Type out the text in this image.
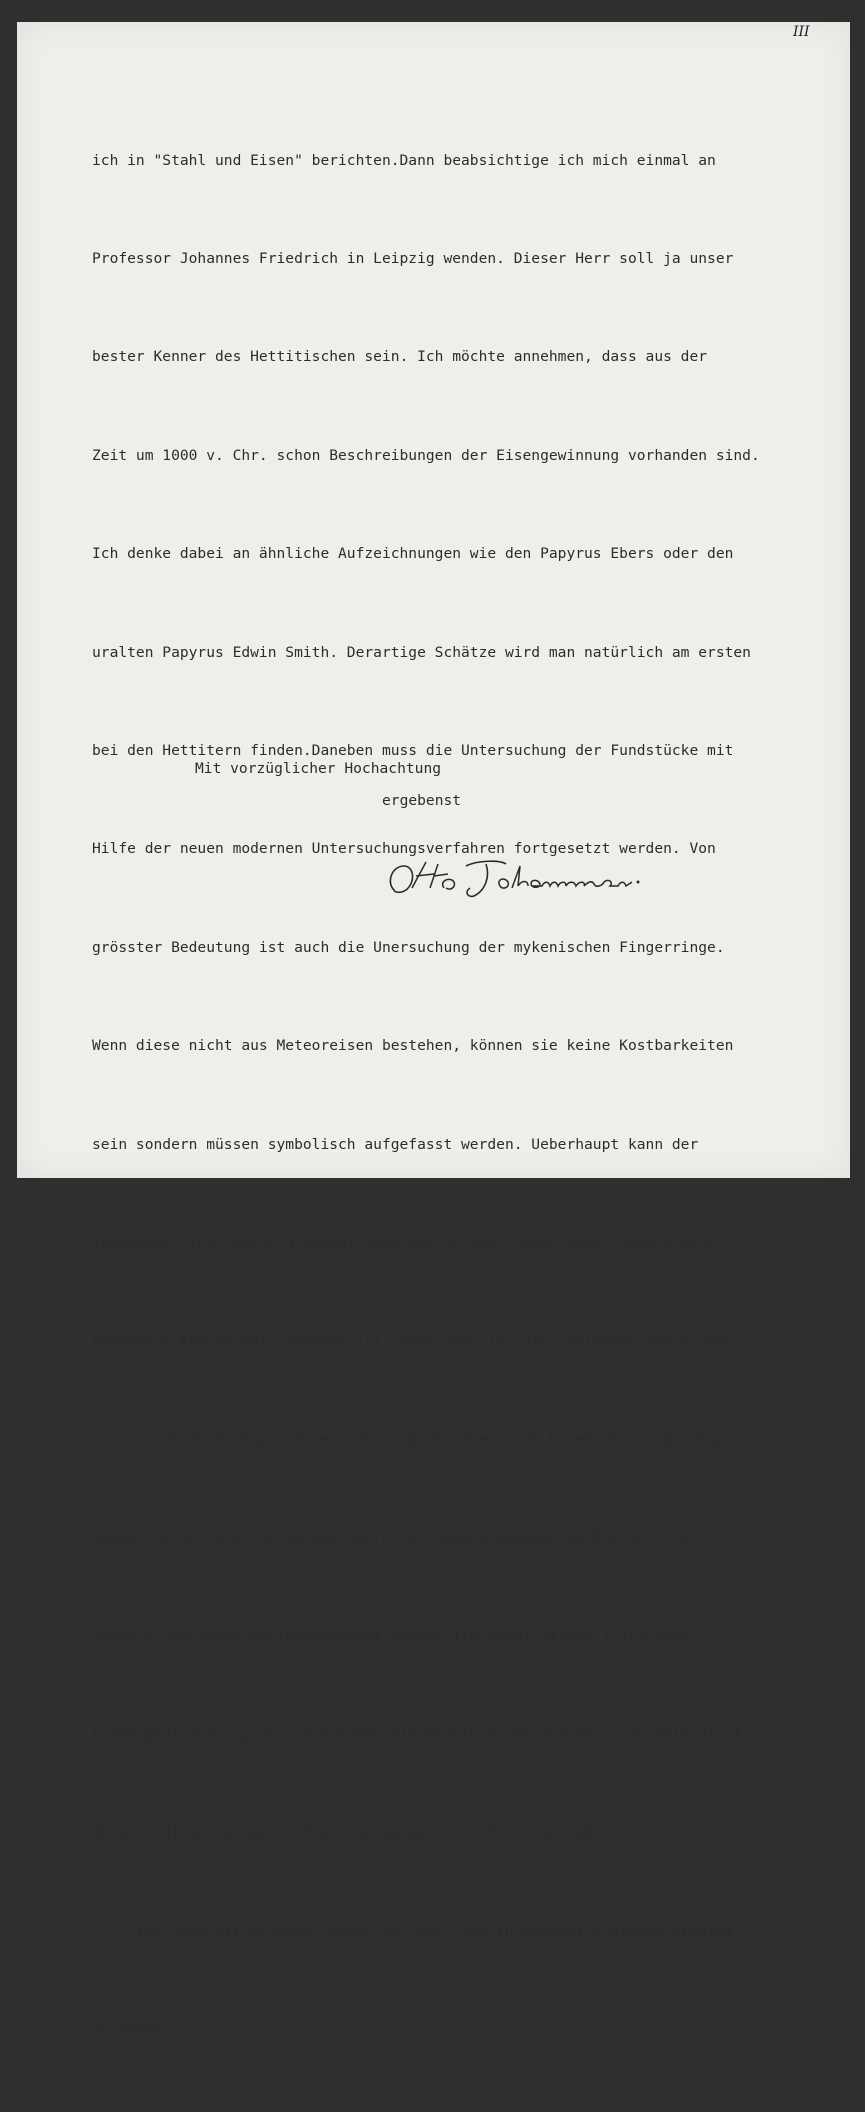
III

ich in "Stahl und Eisen" berichten.Dann beabsichtige ich mich einmal an

Professor Johannes Friedrich in Leipzig wenden. Dieser Herr soll ja unser

bester Kenner des Hettitischen sein. Ich möchte annehmen, dass aus der

Zeit um 1000 v. Chr. schon Beschreibungen der Eisengewinnung vorhanden sind.

Ich denke dabei an ähnliche Aufzeichnungen wie den Papyrus Ebers oder den

uralten Papyrus Edwin Smith. Derartige Schätze wird man natürlich am ersten

bei den Hettitern finden.Daneben muss die Untersuchung der Fundstücke mit

Hilfe der neuen modernen Untersuchungsverfahren fortgesetzt werden. Von

grösster Bedeutung ist auch die Unersuchung der mykenischen Fingerringe.

Wenn diese nicht aus Meteoreisen bestehen, können sie keine Kostbarkeiten

sein sondern müssen symbolisch aufgefasst werden. Ueberhaupt kann der

Techniker nicht daran glauben, dass das terrestrische Eisen jemals eine

besondere Kostbarkeit gewesen ist, denn dazu ist die Gewinnung des Eisens

viel zu einfach. Auch heute noch wird verarbeitetes Eisen mit Gold aufge-

wogen, zB in Form von Unruhefedern für Damenarmbanduhren.Die Hertz er-

wähnt S. 88 einen Keilschrifttext,wonach 1/6 Sekel Silber 1 1/3 Sekel

Eisen gleichwertig war. Ich kenne die Stelle nicht und weiss deshalb nicht,

ob sich diese tatsächlich auf unbearbeitetes Eisen bezieht.

Ich habe mir erlaubt, Herrn Dr. Carl Sahlin Abschrift dieses Briefes

zu senden.

Mit vorzüglicher Hochachtung
ergebenst
